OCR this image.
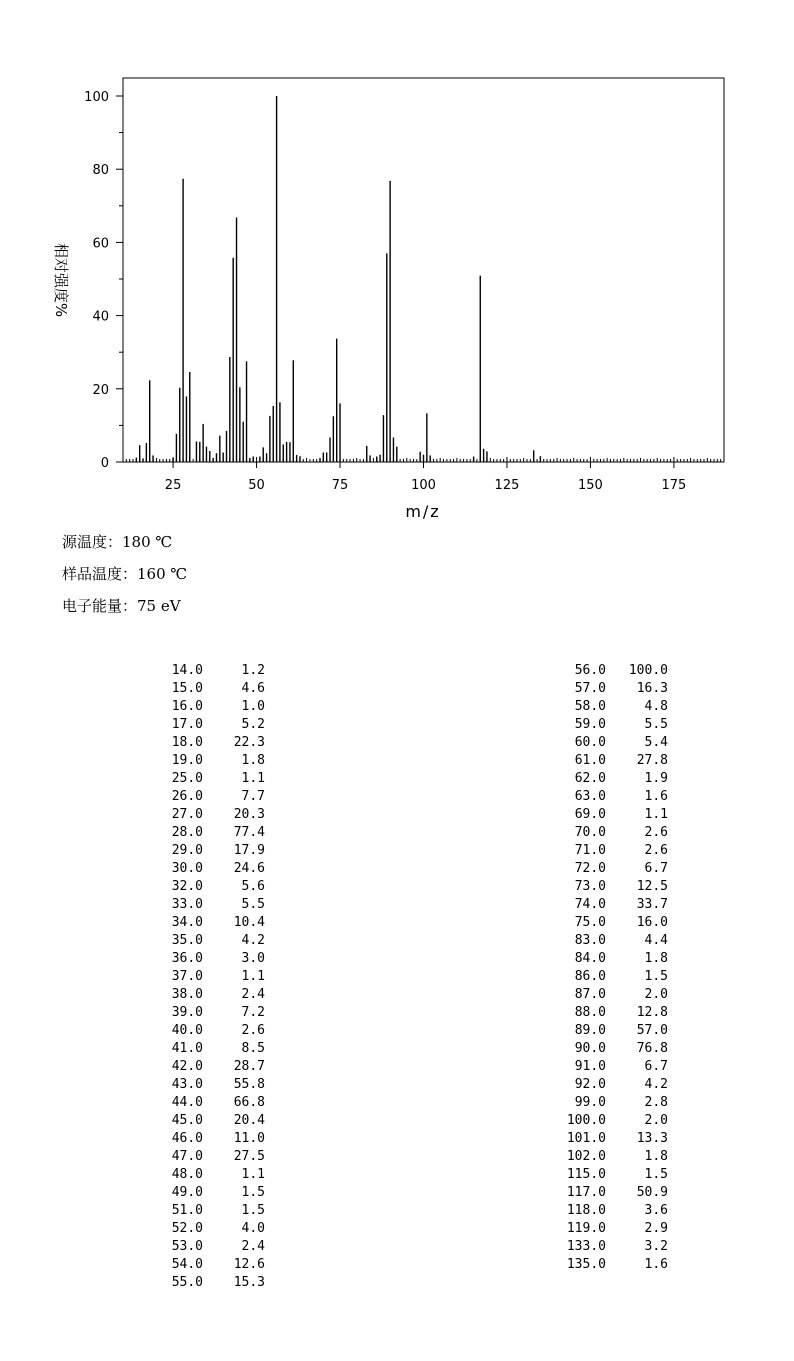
0
20
40
60
80
100
25	50	75	100	125	150	175
相对强度%
m/z
源温度：180 ℃
样品温度：160 ℃
电子能量：75 eV
14.0	1.2
15.0	4.6
16.0	1.0
17.0	5.2
18.0	22.3
19.0	1.8
25.0	1.1
26.0	7.7
27.0	20.3
28.0	77.4
29.0	17.9
30.0	24.6
32.0	5.6
33.0	5.5
34.0	10.4
35.0	4.2
36.0	3.0
37.0	1.1
38.0	2.4
39.0	7.2
40.0	2.6
41.0	8.5
42.0	28.7
43.0	55.8
44.0	66.8
45.0	20.4
46.0	11.0
47.0	27.5
48.0	1.1
49.0	1.5
51.0	1.5
52.0	4.0
53.0	2.4
54.0	12.6
55.0	15.3
56.0	100.0
57.0	16.3
58.0	4.8
59.0	5.5
60.0	5.4
61.0	27.8
62.0	1.9
63.0	1.6
69.0	1.1
70.0	2.6
71.0	2.6
72.0	6.7
73.0	12.5
74.0	33.7
75.0	16.0
83.0	4.4
84.0	1.8
86.0	1.5
87.0	2.0
88.0	12.8
89.0	57.0
90.0	76.8
91.0	6.7
92.0	4.2
99.0	2.8
100.0	2.0
101.0	13.3
102.0	1.8
115.0	1.5
117.0	50.9
118.0	3.6
119.0	2.9
133.0	3.2
135.0	1.6
